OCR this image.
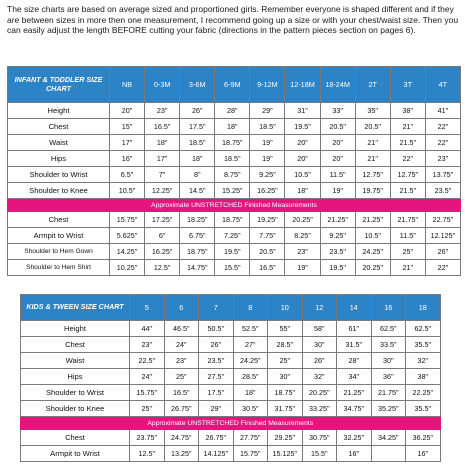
The size charts are based on average sized and proportioned girls. Remember everyone is shaped different and if they are between sizes in more then one measurement, I recommend going up a size or with your chest/waist size. Then you can easily adjust the length BEFORE cutting your fabric (directions in the pattern pieces section on pages 6).
INFANT & TODDLER SIZE CHART	NB	0-3M	3-6M	6-9M	9-12M	12-18M	18-24M	2T	3T	4T
Height	20"	23"	26"	28"	29"	31"	33"	35"	38"	41"
Chest	15"	16.5"	17.5"	18"	18.5"	19.5"	20.5"	20.5"	21"	22"
Waist	17"	18"	18.5"	18.75"	19"	20"	20"	21"	21.5"	22"
Hips	16"	17"	18"	18.5"	19"	20"	20"	21"	22"	23"
Shoulder to Wrist	6.5"	7"	8"	8.75"	9.25"	10.5"	11.5"	12.75"	12.75"	13.75"
Shoulder to Knee	10.5"	12.25"	14.5"	15.25"	16.25"	18"	19"	19.75"	21.5"	23.5"
Approximate UNSTRETCHED Finished Measurements										
Chest	15.75"	17.25"	18.25"	18.75"	19.25"	20.25"	21.25"	21.25"	21.75"	22.75"
Armpit to Wrist	5.625"	6"	6.75"	7.25"	7.75"	8.25"	9.25"	10.5"	11.5"	12.125"
Shoulder to Hem Gown	14.25"	16.25"	18.75"	19.5"	20.5"	23"	23.5"	24.25"	25"	26"
Shoulder to Hem Shirt	10.25"	12.5"	14.75"	15.5"	16.5"	19"	19.5"	20.25"	21"	22"
KIDS & TWEEN SIZE CHART	5	6	7	8	10	12	14	16	18
Height	44"	46.5"	50.5"	52.5"	55"	58"	61"	62.5"	62.5"
Chest	23"	24"	26"	27"	28.5"	30"	31.5"	33.5"	35.5"
Waist	22.5"	23"	23.5"	24.25"	25"	26"	28"	30"	32"
Hips	24"	25"	27.5"	28.5"	30"	32"	34"	36"	38"
Shoulder to Wrist	15.75"	16.5"	17.5"	18"	18.75"	20.25"	21.25"	21.75"	22.25"
Shoulder to Knee	25"	26.75"	29"	30.5"	31.75"	33.25"	34.75"	35.25"	35.5"
Approximate UNSTRETCHED Finished Measurements									
Chest	23.75"	24.75"	26.75"	27.75"	29.25"	30.75"	32.25"	34.25"	36.25"
Armpit to Wrist	12.5"	13.25"	14.125"	15.75"	15.125"	15.5"	16"		16"
